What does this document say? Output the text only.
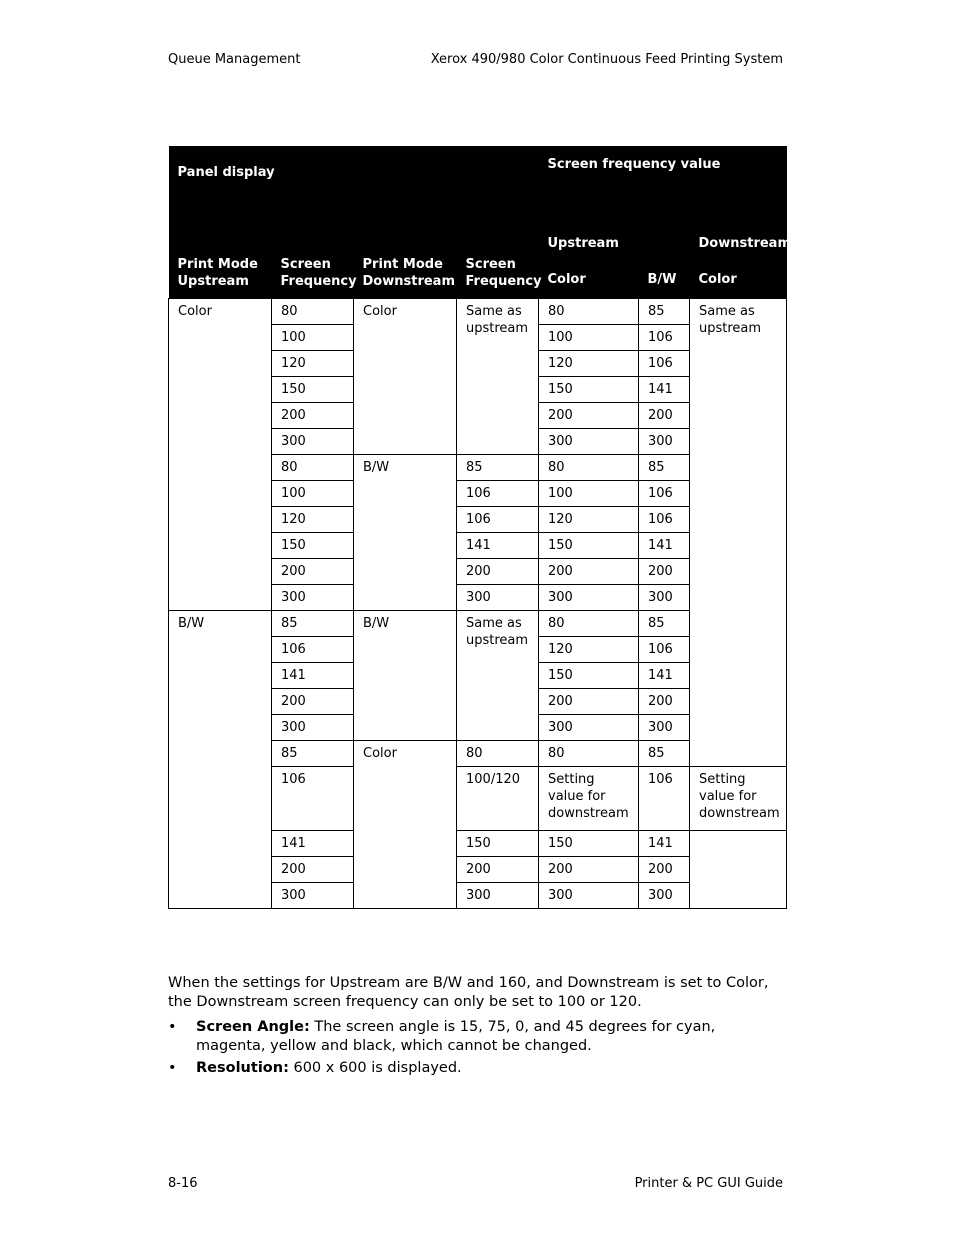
Queue Management	Xerox 490/980 Color Continuous Feed Printing System
Panel display				Screen frequency value		
Print Mode Upstream	Screen Frequency	Print Mode Downstream	Screen Frequency	Upstream		Downstream
				Color	B/W	Color
Color	80	Color	Same as upstream	80	85	Same as upstream
	100			100	106	
	120			120	106	
	150			150	141	
	200			200	200	
	300			300	300	
	80	B/W	85	80	85	
	100		106	100	106	
	120		106	120	106	
	150		141	150	141	
	200		200	200	200	
	300		300	300	300	
B/W	85	B/W	Same as upstream	80	85	
	106			120	106	
	141			150	141	
	200			200	200	
	300			300	300	
	85	Color	80	80	85	
	106		100/120	Setting value for downstream	106	Setting value for downstream
	141		150	150	141	
	200		200	200	200	
	300		300	300	300	
When the settings for Upstream are B/W and 160, and Downstream is set to Color, the Downstream screen frequency can only be set to 100 or 120.
• Screen Angle: The screen angle is 15, 75, 0, and 45 degrees for cyan, magenta, yellow and black, which cannot be changed.
• Resolution: 600 x 600 is displayed.
8-16	Printer & PC GUI Guide
